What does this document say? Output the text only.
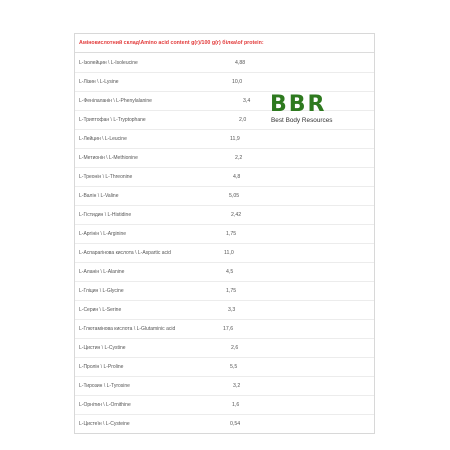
Амінокислотний склад\Amino acid content g(г)/100 g(г) білка\of protein:
L-Ізолейцин \ L-Isoleucine	4,88
L-Лізин \ L-Lysine	10,0
L-Фенілаланін \ L-Phenylalanine	3,4
L-Триптофан \ L-Tryptophane	2,0
L-Лейцин \ L-Leucine	11,9
L-Метионін \ L-Methionine	2,2
L-Треонін \ L-Threonine	4,8
L-Валін \ L-Valine	5,05
L-Гістидин \ L-Histidine	2,42
L-Аргінін \ L-Arginine	1,75
L-Аспарагінова кислота \ L-Aspartic acid	11,0
L-Аланін \ L-Alanine	4,5
L-Гліцин \ L-Glycine	1,75
L-Серин \ L-Serine	3,3
L-Глютамінова кислота \ L-Glutaminic acid	17,6
L-Цистин \ L-Cystine	2,6
L-Пролін \ L-Proline	5,5
L-Тирозин \ L-Tyrosine	3,2
L-Орнітин \ L-Ornithine	1,6
L-Цистеїн \ L-Cysteine	0,54
BBR
Best Body Resources
